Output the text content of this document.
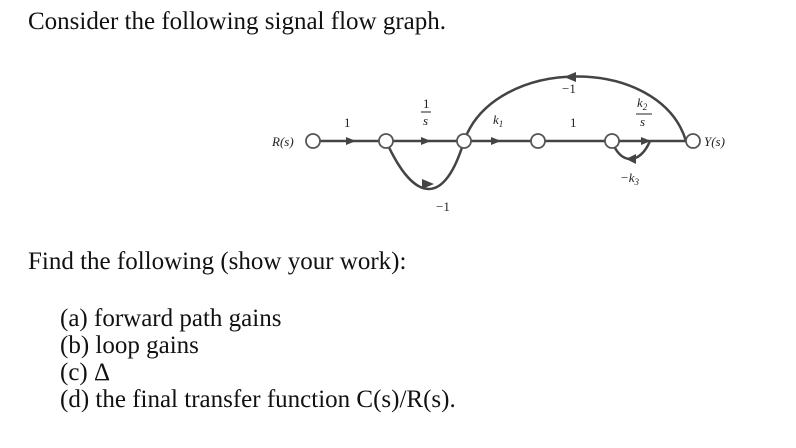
Consider the following signal flow graph.
R(s)	Y(s)
1
1
s	$k_1$	1
$k_2$
s
−1
−1
$-k_3$

Find the following (show your work):

(a) forward path gains
(b) loop gains
(c) Δ
(d) the final transfer function C(s)/R(s).
